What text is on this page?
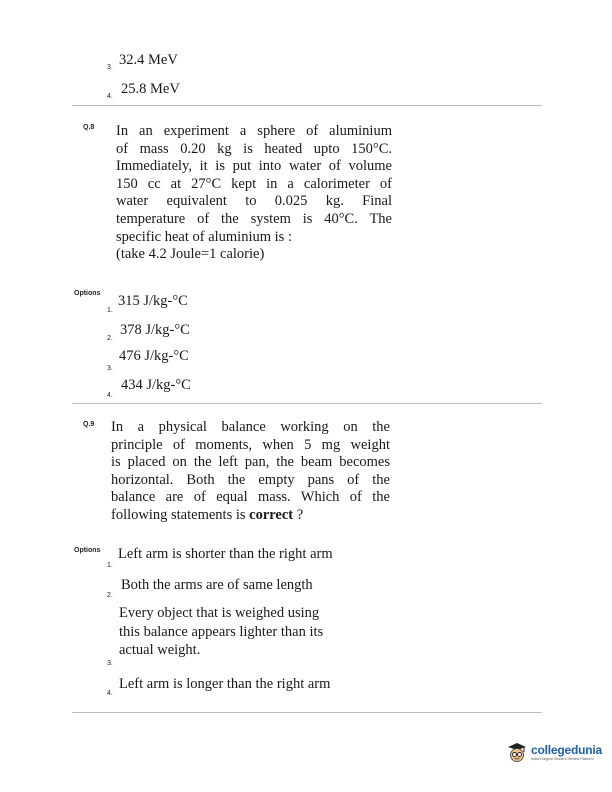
3. 32.4 MeV
4. 25.8 MeV
Q.8 In an experiment a sphere of aluminium
of mass 0.20 kg is heated upto 150°C.
Immediately, it is put into water of volume
150 cc at 27°C kept in a calorimeter of
water equivalent to 0.025 kg. Final
temperature of the system is 40°C. The
specific heat of aluminium is :
(take 4.2 Joule=1 calorie)
Options
1.
315 J/kg-°C
2.
378 J/kg-°C
3.
476 J/kg-°C
4.
434 J/kg-°C
Q.9 In a physical balance working on the
principle of moments, when 5 mg weight
is placed on the left pan, the beam becomes
horizontal. Both the empty pans of the
balance are of equal mass. Which of the
following statements is correct ?
Options
1.
Left arm is shorter than the right arm
2.
Both the arms are of same length
Every object that is weighed using
this balance appears lighter than its
actual weight.
3.
4.
Left arm is longer than the right arm
collegedunia
India's largest Student Review Platform
